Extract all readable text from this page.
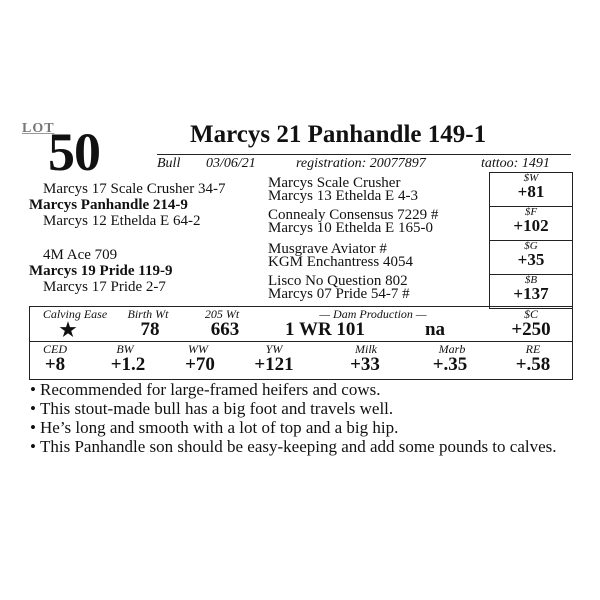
LOT
50	Marcys 21 Panhandle 149-1
Bull 03/06/21	registration: 20077897	tattoo: 1491
Marcys 17 Scale Crusher 34-7
Marcys Panhandle 214-9
Marcys 12 Ethelda E 64-2
4M Ace 709
Marcys 19 Pride 119-9
Marcys 17 Pride 2-7
Marcys Scale Crusher
Marcys 13 Ethelda E 4-3
Connealy Consensus 7229 #
Marcys 10 Ethelda E 165-0
Musgrave Aviator #
KGM Enchantress 4054
Lisco No Question 802
Marcys 07 Pride 54-7 #
$W
+81
$F
+102
$G
+35
$B
+137
Calving Ease	Birth Wt	205 Wt	— Dam Production —	$C
★	78	663	1 WR 101	na	+250
CED	BW	WW	YW	Milk	Marb	RE
+8	+1.2	+70	+121	+33	+.35	+.58
• Recommended for large-framed heifers and cows.
• This stout-made bull has a big foot and travels well.
• He’s long and smooth with a lot of top and a big hip.
• This Panhandle son should be easy-keeping and add some pounds to calves.
